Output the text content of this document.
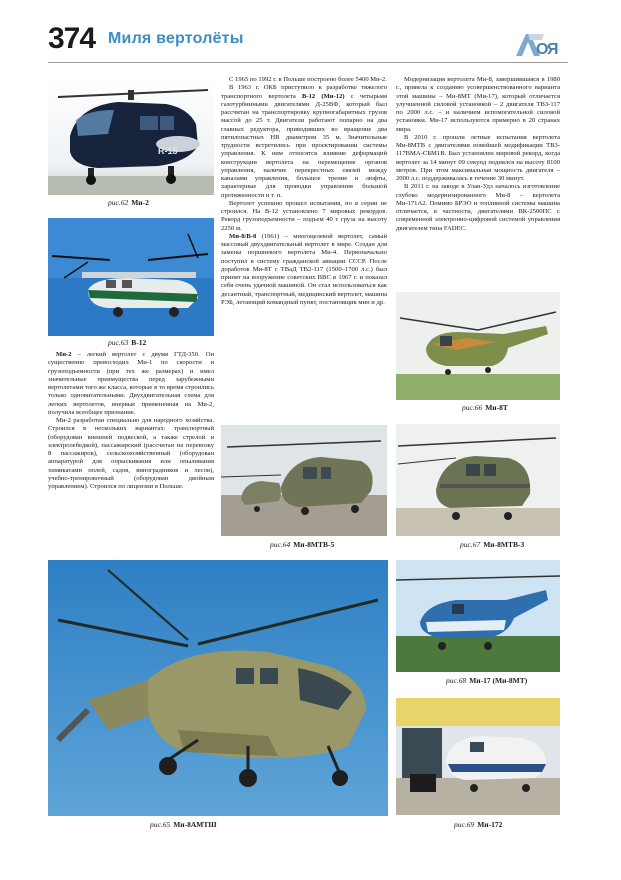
374 Миля вертолёты
О
Я
R-15
рис.62 Ми-2
рис.63 В-12

Ми-2 – легкий вертолет с двумя ГТД-350. Он существенно превосходил Ми-1 по скорости и грузоподъемности (при тех же размерах) и имел значительные преимущества перед зарубежными вертолетами того же класса, которые в то время строились только одновигательными. Двухдвигательная схема для легких вертолетов, впервые примененная на Ми-2, получила всеобщее признание.

Ми-2 разработан специально для народного хозяйства. Строился в нескольких вариантах: транспортный (оборудован внешней подвеской, а также стрелой и электролебедкой), пассажирский (рассчитан на перевозку 8 пассажиров), сельскохозяйственный (оборудован аппаратурой для опрыскивания или опыливания химикатами полей, садов, виноградников и лесов), учебно-тренировочный (оборудован двойным управлением). Строился по лицензии в Польше.

С 1965 по 1992 г. в Польше построено более 5400 Ми-2.

В 1963 г. ОКБ приступило к разработке тяжелого транспортного вертолета В-12 (Ми-12) с четырьмя газотурбинными двигателями Д-25ВФ, который был рассчитан на транспортировку крупногабаритных грузов массой до 25 т. Двигатели работают попарно на два главных редуктора, приводивших во вращение два пятилопастных НВ диаметром 35 м. Значительные трудности встретились при проектировании системы управления. К ним относятся влияние деформаций конструкции вертолета на перемещение органов управления, наличие перекрестных связей между каналами управления, большое трение и люфты, характерные для проводки управления большой протяженности и т. п.

Вертолет успешно прошел испытания, но в серии не строился. На В-12 установлено 7 мировых рекордов. Рекорд грузоподъемности – подъем 40 т груза на высоту 2250 м.

Ми-8/В-8 (1961) – многоцелевой вертолет, самый массовый двухдвигательный вертолет в мире. Создан для замены поршневого вертолета Ми-4. Первоначально поступил в систему гражданской авиации СССР. После доработок Ми-8Т с ТВаД ТВ2-117 (1500–1700 л.с.) был принят на вооружение советских ВВС в 1967 г. и показал себя очень удачной машиной. Он стал использоваться как десантный, транспортный, медицинский вертолет, машина РЭБ, летающий командный пункт, постановщик мин и др.

Модернизация вертолета Ми-8, завершившаяся в 1980 г., привела к созданию усовершенствованного варианта этой машины – Ми-8МТ (Ми-17), который отличается улучшенной силовой установкой – 2 двигателя ТВ3-117 по 2000 л.с. – и наличием вспомогательной силовой установки. Ми-17 используются примерно в 20 странах мира.

В 2010 г. прошли летные испытания вертолета Ми-8МТВ с двигателями новейшей модификации ТВ3-117ВМА-СБМ1В. Был установлен мировой рекорд, когда вертолет за 14 минут 09 секунд поднялся на высоту 8100 метров. При этом максимальная мощность двигателя – 2000 л.с. поддерживалась в течение 30 минут.

В 2011 г. на заводе в Улан-Удэ началось изготовление глубоко модернизированного Ми-8 – вертолета Ми-171А2. Помимо БРЭО и топливной системы машина отличается, в частности, двигателями ВК-2500ПС с современной электронно-цифровой системой управления двигателем типа FADEC.

рис.64 Ми-8МТВ-5
рис.66 Ми-8Т
рис.67 Ми-8МТВ-3
рис.65 Ми-8АМТШ
рис.68 Ми-17 (Ми-8МТ)
рис.69 Ми-172
